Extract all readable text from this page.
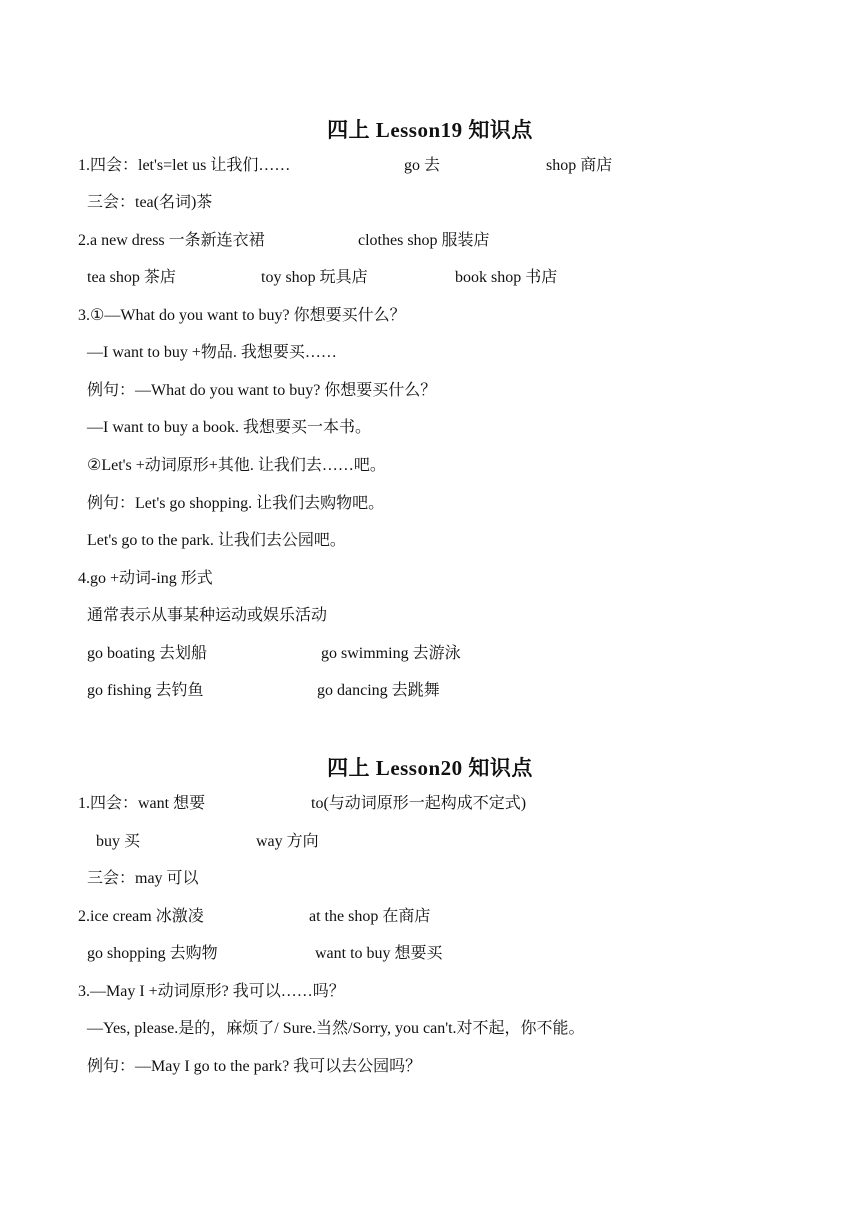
四上 Lesson19 知识点
1.四会：let's=let us 让我们……	go 去	shop 商店
三会：tea(名词)茶
2.a new dress 一条新连衣裙	clothes shop 服装店
tea shop 茶店	toy shop 玩具店	book shop 书店
3.①—What do you want to buy? 你想要买什么？
—I want to buy +物品. 我想要买……
例句：—What do you want to buy? 你想要买什么？
—I want to buy a book. 我想要买一本书。
②Let's +动词原形+其他. 让我们去……吧。
例句：Let's go shopping. 让我们去购物吧。
Let's go to the park. 让我们去公园吧。
4.go +动词-ing 形式
通常表示从事某种运动或娱乐活动
go boating 去划船	go swimming 去游泳
go fishing 去钓鱼	go dancing 去跳舞
四上 Lesson20 知识点
1.四会：want 想要	to(与动词原形一起构成不定式)
buy 买	way 方向
三会：may 可以
2.ice cream 冰激凌	at the shop 在商店
go shopping 去购物	want to buy 想要买
3.—May I +动词原形? 我可以……吗？
—Yes, please.是的，麻烦了/ Sure.当然/Sorry, you can't.对不起，你不能。
例句：—May I go to the park? 我可以去公园吗？
